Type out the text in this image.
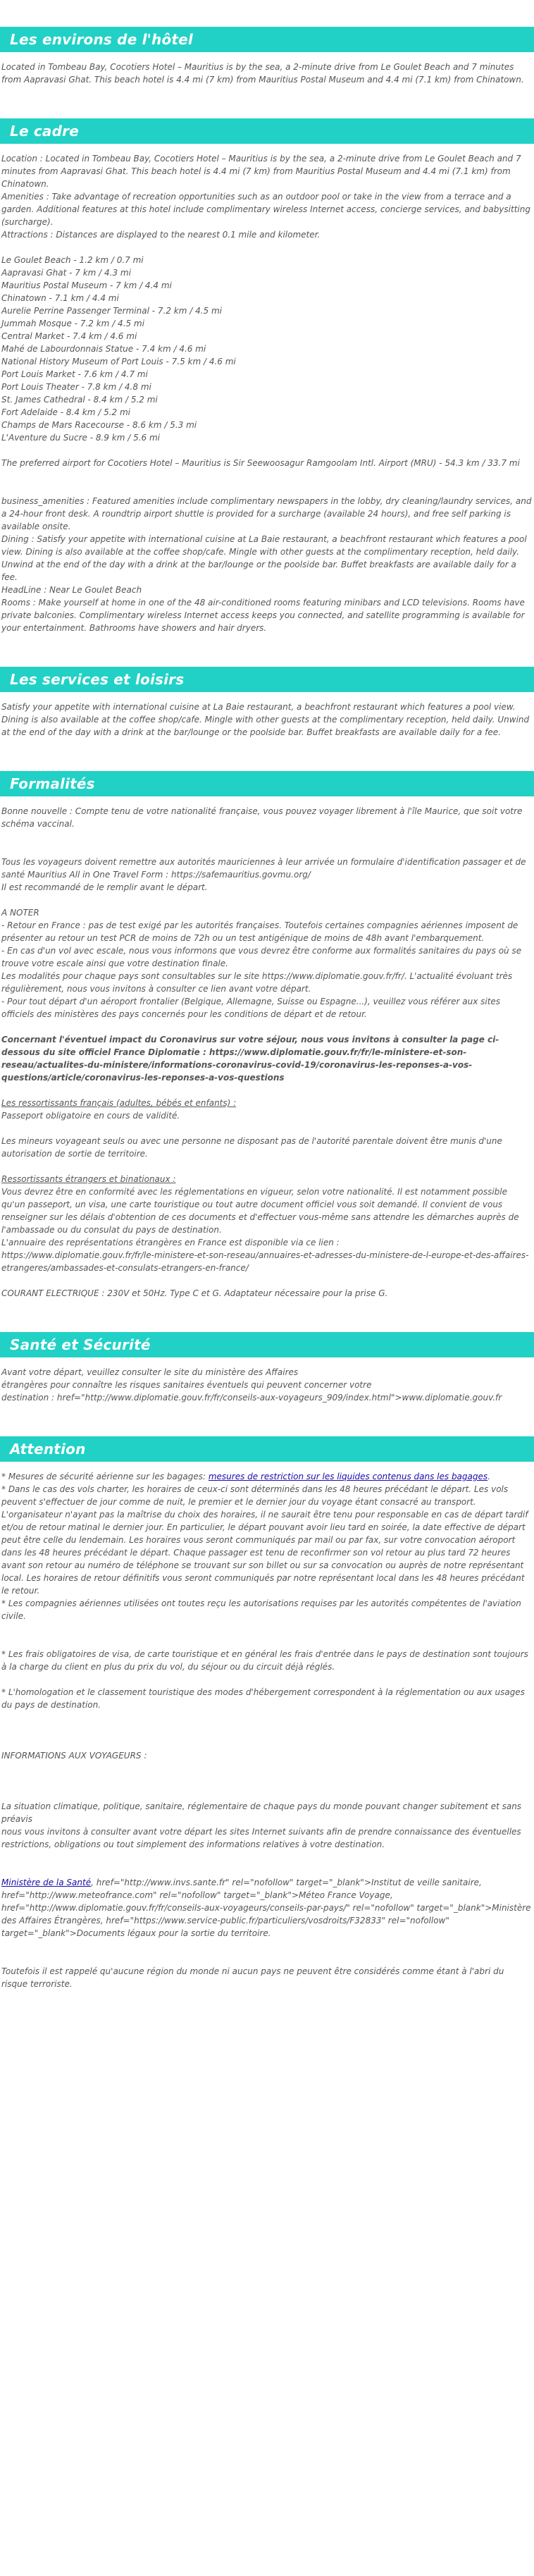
Les environs de l'hôtel

Located in Tombeau Bay, Cocotiers Hotel – Mauritius is by the sea, a 2-minute drive from Le Goulet Beach and 7 minutes from Aapravasi Ghat. This beach hotel is 4.4 mi (7 km) from Mauritius Postal Museum and 4.4 mi (7.1 km) from Chinatown.

Le cadre

Location : Located in Tombeau Bay, Cocotiers Hotel – Mauritius is by the sea, a 2-minute drive from Le Goulet Beach and 7 minutes from Aapravasi Ghat. This beach hotel is 4.4 mi (7 km) from Mauritius Postal Museum and 4.4 mi (7.1 km) from Chinatown.

Amenities : Take advantage of recreation opportunities such as an outdoor pool or take in the view from a terrace and a garden. Additional features at this hotel include complimentary wireless Internet access, concierge services, and babysitting (surcharge).

Attractions : Distances are displayed to the nearest 0.1 mile and kilometer.

Le Goulet Beach - 1.2 km / 0.7 mi

Aapravasi Ghat - 7 km / 4.3 mi

Mauritius Postal Museum - 7 km / 4.4 mi

Chinatown - 7.1 km / 4.4 mi

Aurelie Perrine Passenger Terminal - 7.2 km / 4.5 mi

Jummah Mosque - 7.2 km / 4.5 mi

Central Market - 7.4 km / 4.6 mi

Mahé de Labourdonnais Statue - 7.4 km / 4.6 mi

National History Museum of Port Louis - 7.5 km / 4.6 mi

Port Louis Market - 7.6 km / 4.7 mi

Port Louis Theater - 7.8 km / 4.8 mi

St. James Cathedral - 8.4 km / 5.2 mi

Fort Adelaide - 8.4 km / 5.2 mi

Champs de Mars Racecourse - 8.6 km / 5.3 mi

L'Aventure du Sucre - 8.9 km / 5.6 mi

The preferred airport for Cocotiers Hotel – Mauritius is Sir Seewoosagur Ramgoolam Intl. Airport (MRU) - 54.3 km / 33.7 mi

business_amenities : Featured amenities include complimentary newspapers in the lobby, dry cleaning/laundry services, and a 24-hour front desk. A roundtrip airport shuttle is provided for a surcharge (available 24 hours), and free self parking is available onsite.

Dining : Satisfy your appetite with international cuisine at La Baie restaurant, a beachfront restaurant which features a pool view. Dining is also available at the coffee shop/cafe. Mingle with other guests at the complimentary reception, held daily. Unwind at the end of the day with a drink at the bar/lounge or the poolside bar. Buffet breakfasts are available daily for a fee.

HeadLine : Near Le Goulet Beach

Rooms : Make yourself at home in one of the 48 air-conditioned rooms featuring minibars and LCD televisions. Rooms have private balconies. Complimentary wireless Internet access keeps you connected, and satellite programming is available for your entertainment. Bathrooms have showers and hair dryers.

Les services et loisirs

Satisfy your appetite with international cuisine at La Baie restaurant, a beachfront restaurant which features a pool view. Dining is also available at the coffee shop/cafe. Mingle with other guests at the complimentary reception, held daily. Unwind at the end of the day with a drink at the bar/lounge or the poolside bar. Buffet breakfasts are available daily for a fee.

Formalités

Bonne nouvelle : Compte tenu de votre nationalité française, vous pouvez voyager librement à l'île Maurice, que soit votre schéma vaccinal.

Tous les voyageurs doivent remettre aux autorités mauriciennes à leur arrivée un formulaire d'identification passager et de santé Mauritius All in One Travel Form : https://safemauritius.govmu.org/

Il est recommandé de le remplir avant le départ.

A NOTER

- Retour en France : pas de test exigé par les autorités françaises. Toutefois certaines compagnies aériennes imposent de présenter au retour un test PCR de moins de 72h ou un test antigénique de moins de 48h avant l'embarquement.

- En cas d'un vol avec escale, nous vous informons que vous devrez être conforme aux formalités sanitaires du pays où se trouve votre escale ainsi que votre destination finale.

Les modalités pour chaque pays sont consultables sur le site https://www.diplomatie.gouv.fr/fr/. L'actualité évoluant très régulièrement, nous vous invitons à consulter ce lien avant votre départ.

- Pour tout départ d'un aéroport frontalier (Belgique, Allemagne, Suisse ou Espagne...), veuillez vous référer aux sites officiels des ministères des pays concernés pour les conditions de départ et de retour.

Concernant l'éventuel impact du Coronavirus sur votre séjour, nous vous invitons à consulter la page ci-dessous du site officiel France Diplomatie : https://www.diplomatie.gouv.fr/fr/le-ministere-et-son-reseau/actualites-du-ministere/informations-coronavirus-covid-19/coronavirus-les-reponses-a-vos-questions/article/coronavirus-les-reponses-a-vos-questions

Les ressortissants français (adultes, bébés et enfants) :

Passeport obligatoire en cours de validité.

Les mineurs voyageant seuls ou avec une personne ne disposant pas de l'autorité parentale doivent être munis d'une autorisation de sortie de territoire.

Ressortissants étrangers et binationaux :

Vous devrez être en conformité avec les réglementations en vigueur, selon votre nationalité. Il est notamment possible qu'un passeport, un visa, une carte touristique ou tout autre document officiel vous soit demandé. Il convient de vous renseigner sur les délais d'obtention de ces documents et d'effectuer vous-même sans attendre les démarches auprès de l'ambassade ou du consulat du pays de destination.

L'annuaire des représentations étrangères en France est disponible via ce lien :

https://www.diplomatie.gouv.fr/fr/le-ministere-et-son-reseau/annuaires-et-adresses-du-ministere-de-l-europe-et-des-affaires-etrangeres/ambassades-et-consulats-etrangers-en-france/

COURANT ELECTRIQUE : 230V et 50Hz. Type C et G. Adaptateur nécessaire pour la prise G.

Santé et Sécurité

Avant votre départ, veuillez consulter le site du ministère des Affaires

étrangères pour connaître les risques sanitaires éventuels qui peuvent concerner votre

destination : href="http://www.diplomatie.gouv.fr/fr/conseils-aux-voyageurs_909/index.html">www.diplomatie.gouv.fr

Attention

* Mesures de sécurité aérienne sur les bagages: mesures de restriction sur les liquides contenus dans les bagages.

* Dans le cas des vols charter, les horaires de ceux-ci sont déterminés dans les 48 heures précédant le départ. Les vols peuvent s'effectuer de jour comme de nuit, le premier et le dernier jour du voyage étant consacré au transport. L'organisateur n'ayant pas la maîtrise du choix des horaires, il ne saurait être tenu pour responsable en cas de départ tardif et/ou de retour matinal le dernier jour. En particulier, le départ pouvant avoir lieu tard en soirée, la date effective de départ peut être celle du lendemain. Les horaires vous seront communiqués par mail ou par fax, sur votre convocation aéroport dans les 48 heures précédant le départ. Chaque passager est tenu de reconfirmer son vol retour au plus tard 72 heures avant son retour au numéro de téléphone se trouvant sur son billet ou sur sa convocation ou auprès de notre représentant local. Les horaires de retour définitifs vous seront communiqués par notre représentant local dans les 48 heures précédant le retour.

* Les compagnies aériennes utilisées ont toutes reçu les autorisations requises par les autorités compétentes de l'aviation civile.

* Les frais obligatoires de visa, de carte touristique et en général les frais d'entrée dans le pays de destination sont toujours à la charge du client en plus du prix du vol, du séjour ou du circuit déjà réglés.

* L'homologation et le classement touristique des modes d'hébergement correspondent à la réglementation ou aux usages du pays de destination.

INFORMATIONS AUX VOYAGEURS :

La situation climatique, politique, sanitaire, réglementaire de chaque pays du monde pouvant changer subitement et sans préavis

nous vous invitons à consulter avant votre départ les sites Internet suivants afin de prendre connaissance des éventuelles restrictions, obligations ou tout simplement des informations relatives à votre destination.

Ministère de la Santé, href="http://www.invs.sante.fr" rel="nofollow" target="_blank">Institut de veille sanitaire, href="http://www.meteofrance.com" rel="nofollow" target="_blank">Méteo France Voyage, href="http://www.diplomatie.gouv.fr/fr/conseils-aux-voyageurs/conseils-par-pays/" rel="nofollow" target="_blank">Ministère des Affaires Étrangères, href="https://www.service-public.fr/particuliers/vosdroits/F32833" rel="nofollow" target="_blank">Documents légaux pour la sortie du territoire.

Toutefois il est rappelé qu'aucune région du monde ni aucun pays ne peuvent être considérés comme étant à l'abri du risque terroriste.
